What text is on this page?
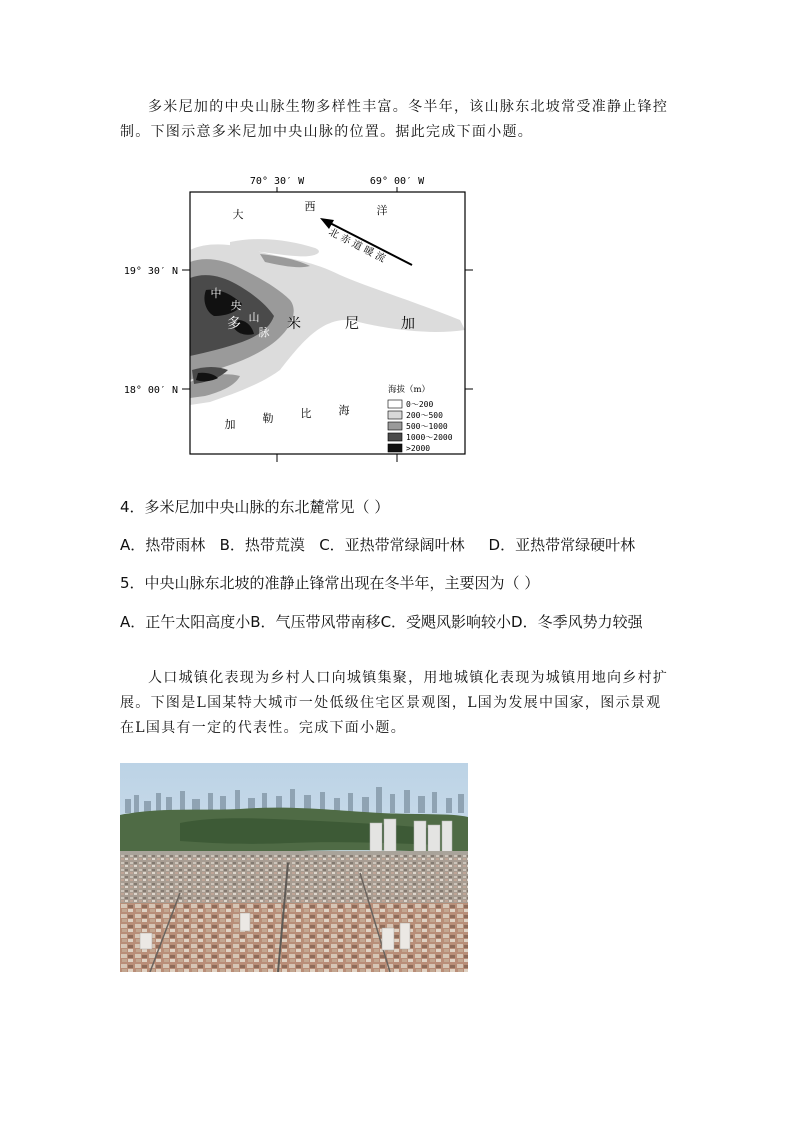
多米尼加的中央山脉生物多样性丰富。冬半年，该山脉东北坡常受准静止锋控制。下图示意多米尼加中央山脉的位置。据此完成下面小题。

70° 30′ W	69° 00′ W
19° 30′ N
18° 00′ N
大
西	洋
北赤道暖流
中
央
山
脉
多	米	尼	加
加 勒 比 海
海拔（m）
0～200
200～500
500～1000
1000～2000
>2000

4．多米尼加中央山脉的东北麓常见（ ）

A．热带雨林 B．热带荒漠 C．亚热带常绿阔叶林 D．亚热带常绿硬叶林

5．中央山脉东北坡的准静止锋常出现在冬半年，主要因为（ ）

A．正午太阳高度小B．气压带风带南移C．受飓风影响较小D．冬季风势力较强

人口城镇化表现为乡村人口向城镇集聚，用地城镇化表现为城镇用地向乡村扩展。下图是L国某特大城市一处低级住宅区景观图，L国为发展中国家，图示景观在L国具有一定的代表性。完成下面小题。
